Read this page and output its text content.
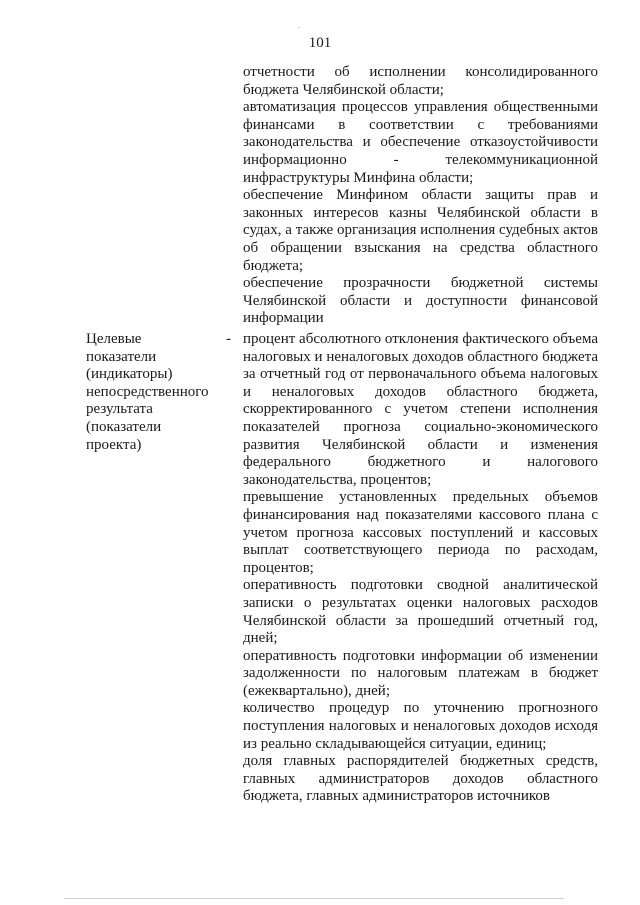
.
101

отчетности об исполнении консолидированного бюджета Челябинской области;

автоматизация процессов управления общественными финансами в соответствии с требованиями законодательства и обеспечение отказоустойчивости информационно - телекоммуникационной инфраструктуры Минфина области;

обеспечение Минфином области защиты прав и законных интересов казны Челябинской области в судах, а также организация исполнения судебных актов об обращении взыскания на средства областного бюджета;

обеспечение прозрачности бюджетной системы Челябинской области и доступности финансовой информации

Целевые
показатели
(индикаторы)
непосредственного
результата
(показатели
проекта)
- процент абсолютного отклонения фактического объема налоговых и неналоговых доходов областного бюджета за отчетный год от первоначального объема налоговых и неналоговых доходов областного бюджета, скорректированного с учетом степени исполнения показателей прогноза социально-экономического развития Челябинской области и изменения федерального бюджетного и налогового законодательства, процентов;

превышение установленных предельных объемов финансирования над показателями кассового плана с учетом прогноза кассовых поступлений и кассовых выплат соответствующего периода по расходам, процентов;

оперативность подготовки сводной аналитической записки о результатах оценки налоговых расходов Челябинской области за прошедший отчетный год, дней;

оперативность подготовки информации об изменении задолженности по налоговым платежам в бюджет (ежеквартально), дней;

количество процедур по уточнению прогнозного поступления налоговых и неналоговых доходов исходя из реально складывающейся ситуации, единиц;

доля главных распорядителей бюджетных средств, главных администраторов доходов областного бюджета, главных администраторов источников
